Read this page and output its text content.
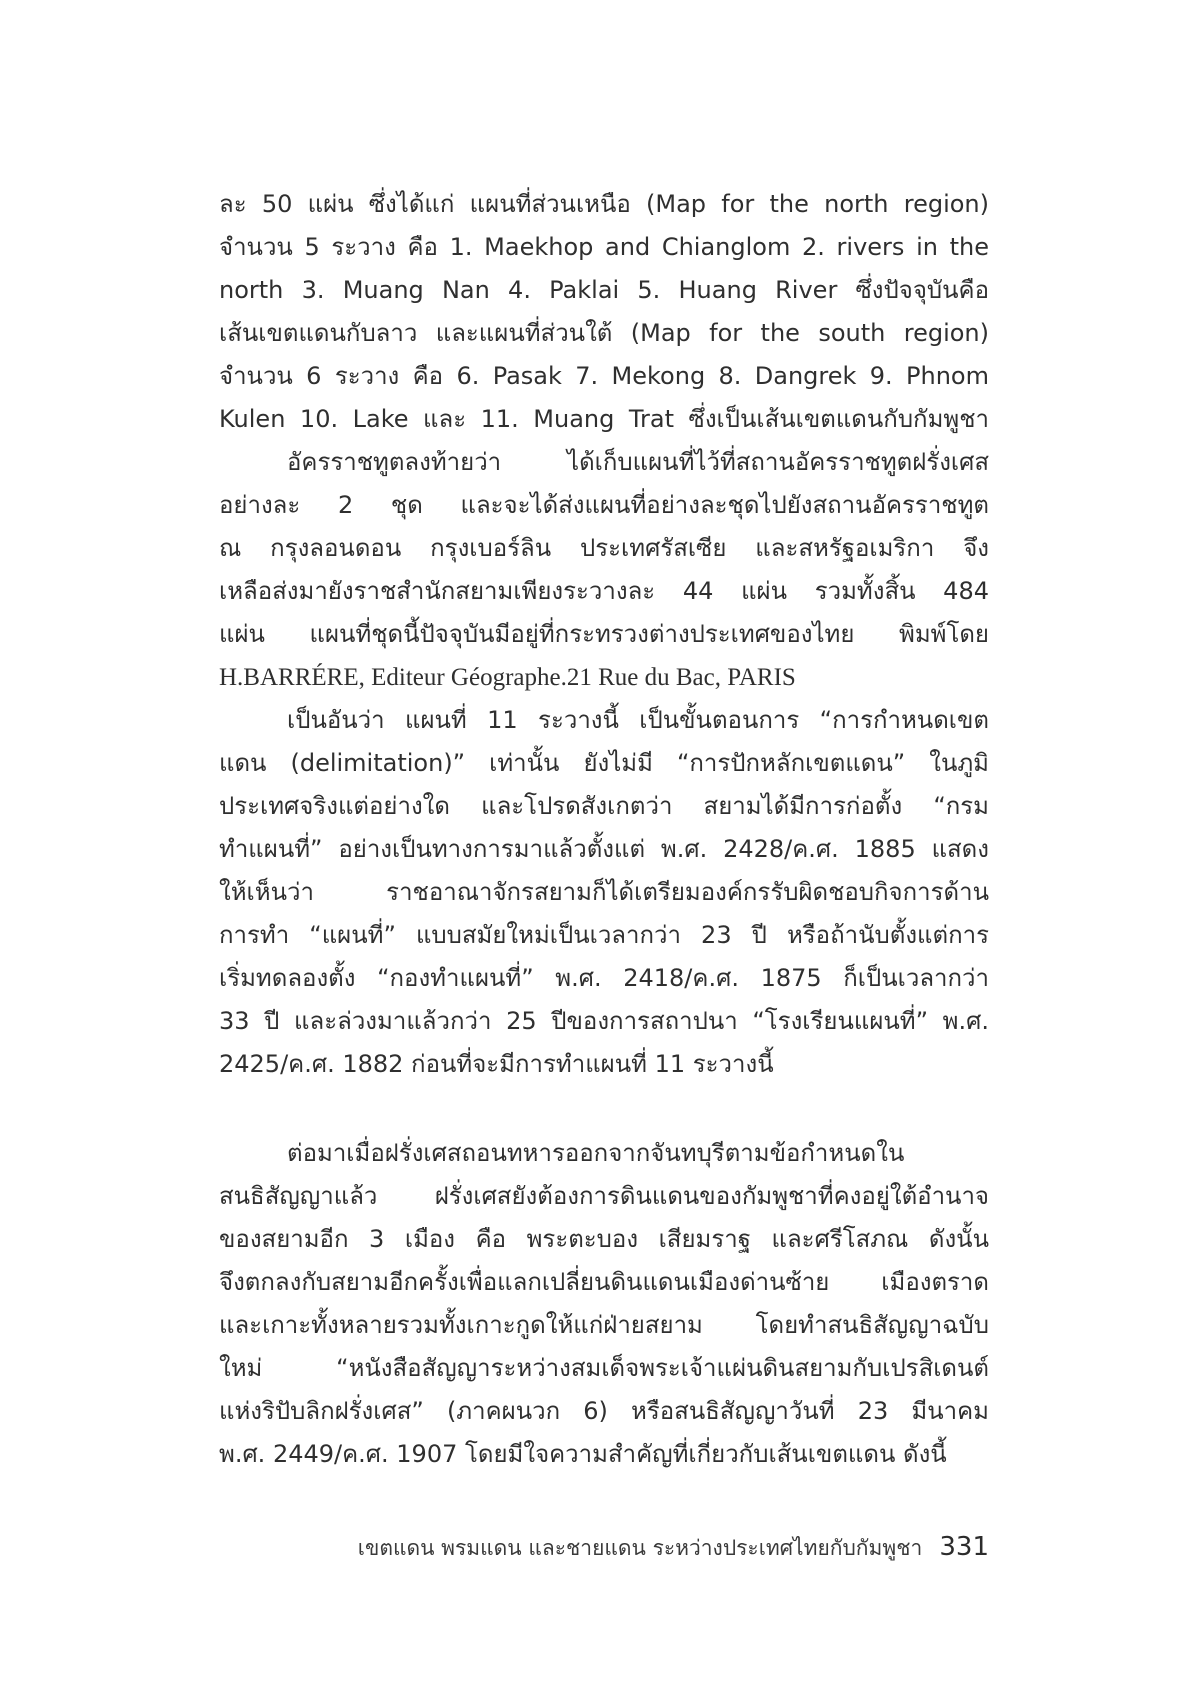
ละ 50 แผ่น ซึ่งได้แก่ แผนที่ส่วนเหนือ (Map for the north region)
จำนวน 5 ระวาง คือ 1. Maekhop and Chianglom 2. rivers in the
north 3. Muang Nan 4. Paklai 5. Huang River ซึ่งปัจจุบันคือ
เส้นเขตแดนกับลาว และแผนที่ส่วนใต้ (Map for the south region)
จำนวน 6 ระวาง คือ 6. Pasak 7. Mekong 8. Dangrek 9. Phnom
Kulen 10. Lake และ 11. Muang Trat ซึ่งเป็นเส้นเขตแดนกับกัมพูชา
อัครราชทูตลงท้ายว่า ได้เก็บแผนที่ไว้ที่สถานอัครราชทูตฝรั่งเศส
อย่างละ 2 ชุด และจะได้ส่งแผนที่อย่างละชุดไปยังสถานอัครราชทูต
ณ กรุงลอนดอน กรุงเบอร์ลิน ประเทศรัสเซีย และสหรัฐอเมริกา จึง
เหลือส่งมายังราชสำนักสยามเพียงระวางละ 44 แผ่น รวมทั้งสิ้น 484
แผ่น แผนที่ชุดนี้ปัจจุบันมีอยู่ที่กระทรวงต่างประเทศของไทย พิมพ์โดย
H.BARRÉRE, Editeur Géographe.21 Rue du Bac, PARIS
เป็นอันว่า แผนที่ 11 ระวางนี้ เป็นขั้นตอนการ “การกำหนดเขต
แดน (delimitation)” เท่านั้น ยังไม่มี “การปักหลักเขตแดน” ในภูมิ
ประเทศจริงแต่อย่างใด และโปรดสังเกตว่า สยามได้มีการก่อตั้ง “กรม
ทำแผนที่” อย่างเป็นทางการมาแล้วตั้งแต่ พ.ศ. 2428/ค.ศ. 1885 แสดง
ให้เห็นว่า ราชอาณาจักรสยามก็ได้เตรียมองค์กรรับผิดชอบกิจการด้าน
การทำ “แผนที่” แบบสมัยใหม่เป็นเวลากว่า 23 ปี หรือถ้านับตั้งแต่การ
เริ่มทดลองตั้ง “กองทำแผนที่” พ.ศ. 2418/ค.ศ. 1875 ก็เป็นเวลากว่า
33 ปี และล่วงมาแล้วกว่า 25 ปีของการสถาปนา “โรงเรียนแผนที่” พ.ศ.
2425/ค.ศ. 1882 ก่อนที่จะมีการทำแผนที่ 11 ระวางนี้
ต่อมาเมื่อฝรั่งเศสถอนทหารออกจากจันทบุรีตามข้อกำหนดใน
สนธิสัญญาแล้ว ฝรั่งเศสยังต้องการดินแดนของกัมพูชาที่คงอยู่ใต้อำนาจ
ของสยามอีก 3 เมือง คือ พระตะบอง เสียมราฐ และศรีโสภณ ดังนั้น
จึงตกลงกับสยามอีกครั้งเพื่อแลกเปลี่ยนดินแดนเมืองด่านซ้าย เมืองตราด
และเกาะทั้งหลายรวมทั้งเกาะกูดให้แก่ฝ่ายสยาม โดยทำสนธิสัญญาฉบับ
ใหม่ “หนังสือสัญญาระหว่างสมเด็จพระเจ้าแผ่นดินสยามกับเปรสิเดนต์
แห่งริปับลิกฝรั่งเศส” (ภาคผนวก 6) หรือสนธิสัญญาวันที่ 23 มีนาคม
พ.ศ. 2449/ค.ศ. 1907 โดยมีใจความสำคัญที่เกี่ยวกับเส้นเขตแดน ดังนี้
เขตแดน พรมแดน และชายแดน ระหว่างประเทศไทยกับกัมพูชา 331
